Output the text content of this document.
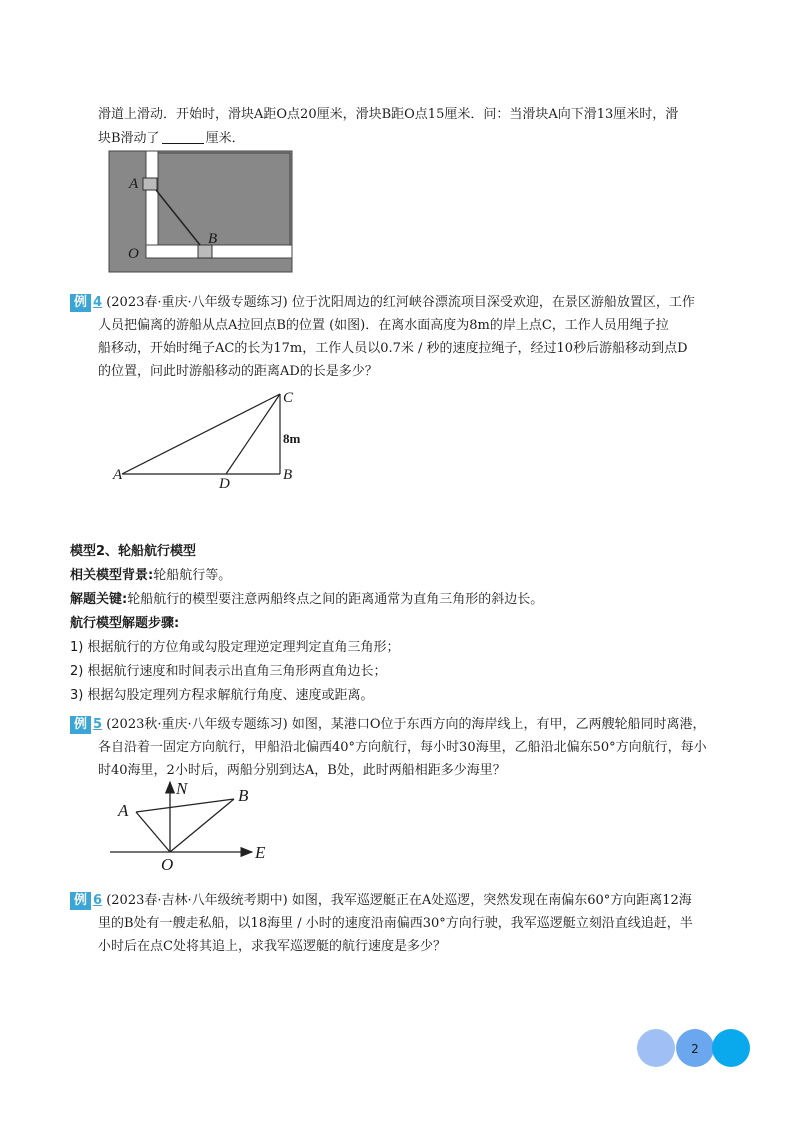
滑道上滑动．开始时，滑块A距O点20厘米，滑块B距O点15厘米．问：当滑块A向下滑13厘米时，滑
块B滑动了	厘米．
A
B
O
例 4 (2023春·重庆·八年级专题练习) 位于沈阳周边的红河峡谷漂流项目深受欢迎，在景区游船放置区，工作
人员把偏离的游船从点A拉回点B的位置 (如图)．在离水面高度为8m的岸上点C，工作人员用绳子拉
船移动，开始时绳子AC的长为17m，工作人员以0.7米 / 秒的速度拉绳子，经过10秒后游船移动到点D
的位置，问此时游船移动的距离AD的长是多少？
A	B
C
D
8m
模型2、轮船航行模型
相关模型背景:轮船航行等。
解题关键:轮船航行的模型要注意两船终点之间的距离通常为直角三角形的斜边长。
航行模型解题步骤:
1) 根据航行的方位角或勾股定理逆定理判定直角三角形；
2) 根据航行速度和时间表示出直角三角形两直角边长；
3) 根据勾股定理列方程求解航行角度、速度或距离。
例 5 (2023秋·重庆·八年级专题练习) 如图，某港口O位于东西方向的海岸线上，有甲，乙两艘轮船同时离港，
各自沿着一固定方向航行，甲船沿北偏西40°方向航行，每小时30海里，乙船沿北偏东50°方向航行，每小
时40海里，2小时后，两船分别到达A，B处，此时两船相距多少海里？
A
B
N
O
E
例 6 (2023春·吉林·八年级统考期中) 如图，我军巡逻艇正在A处巡逻，突然发现在南偏东60°方向距离12海
里的B处有一艘走私船，以18海里 / 小时的速度沿南偏西30°方向行驶，我军巡逻艇立刻沿直线追赶，半
小时后在点C处将其追上，求我军巡逻艇的航行速度是多少？
2
